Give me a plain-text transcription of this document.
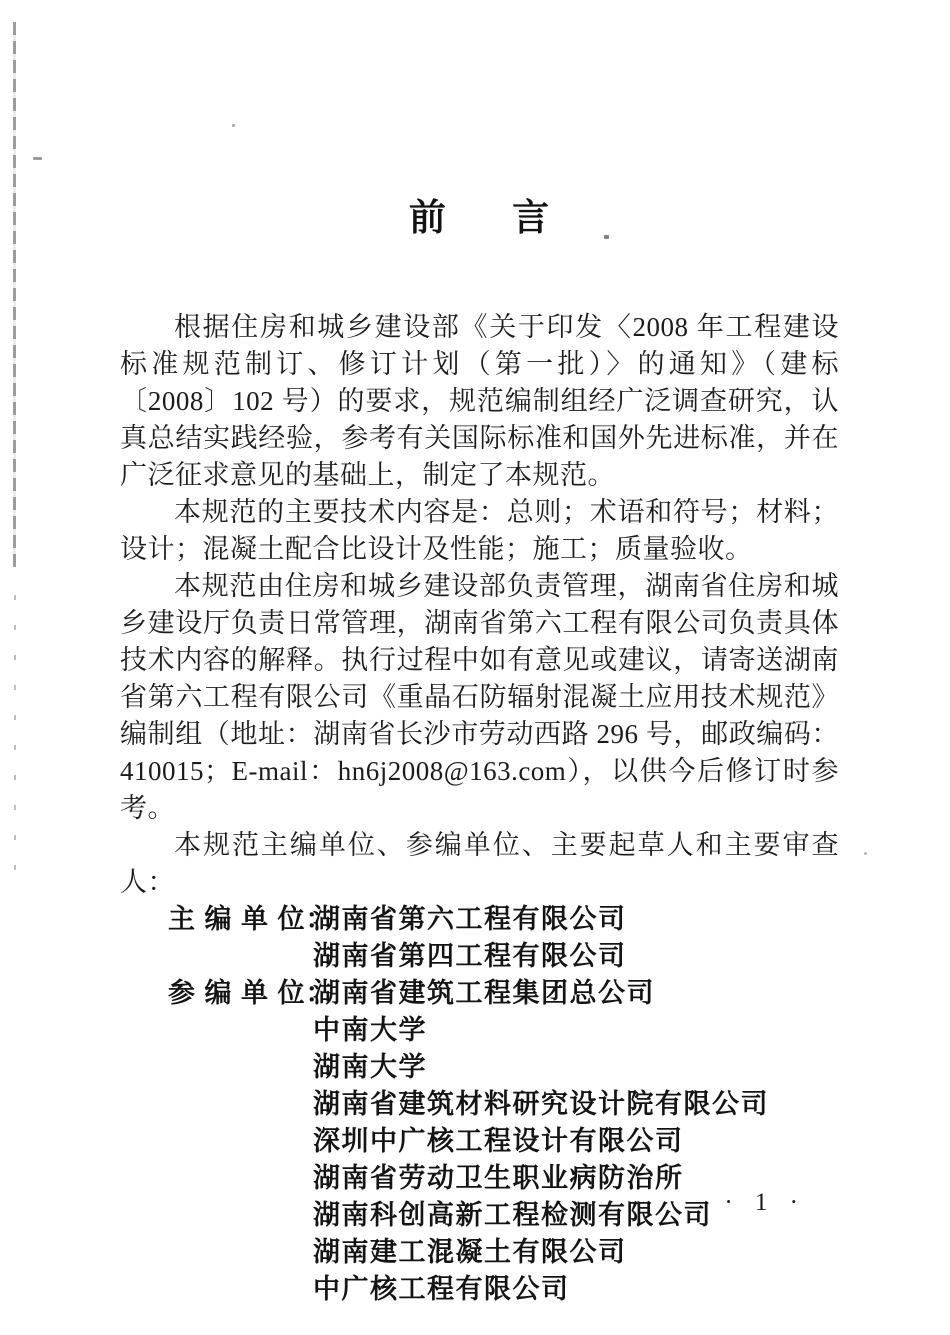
前 言

根据住房和城乡建设部《关于印发〈2008 年工程建设标准规范制订、修订计划（第一批）〉的通知》（建标〔2008〕102 号）的要求，规范编制组经广泛调查研究，认真总结实践经验，参考有关国际标准和国外先进标准，并在广泛征求意见的基础上，制定了本规范。

本规范的主要技术内容是：总则；术语和符号；材料；设计；混凝土配合比设计及性能；施工；质量验收。

本规范由住房和城乡建设部负责管理，湖南省住房和城乡建设厅负责日常管理，湖南省第六工程有限公司负责具体技术内容的解释。执行过程中如有意见或建议，请寄送湖南省第六工程有限公司《重晶石防辐射混凝土应用技术规范》编制组（地址：湖南省长沙市劳动西路 296 号，邮政编码：410015；E-mail：hn6j2008@163.com），以供今后修订时参考。

本规范主编单位、参编单位、主要起草人和主要审查人：

主 编 单 位：
湖南省第六工程有限公司
湖南省第四工程有限公司
参 编 单 位：
湖南省建筑工程集团总公司
中南大学
湖南大学
湖南省建筑材料研究设计院有限公司
深圳中广核工程设计有限公司
湖南省劳动卫生职业病防治所
湖南科创高新工程检测有限公司
湖南建工混凝土有限公司
中广核工程有限公司
· 1 ·
